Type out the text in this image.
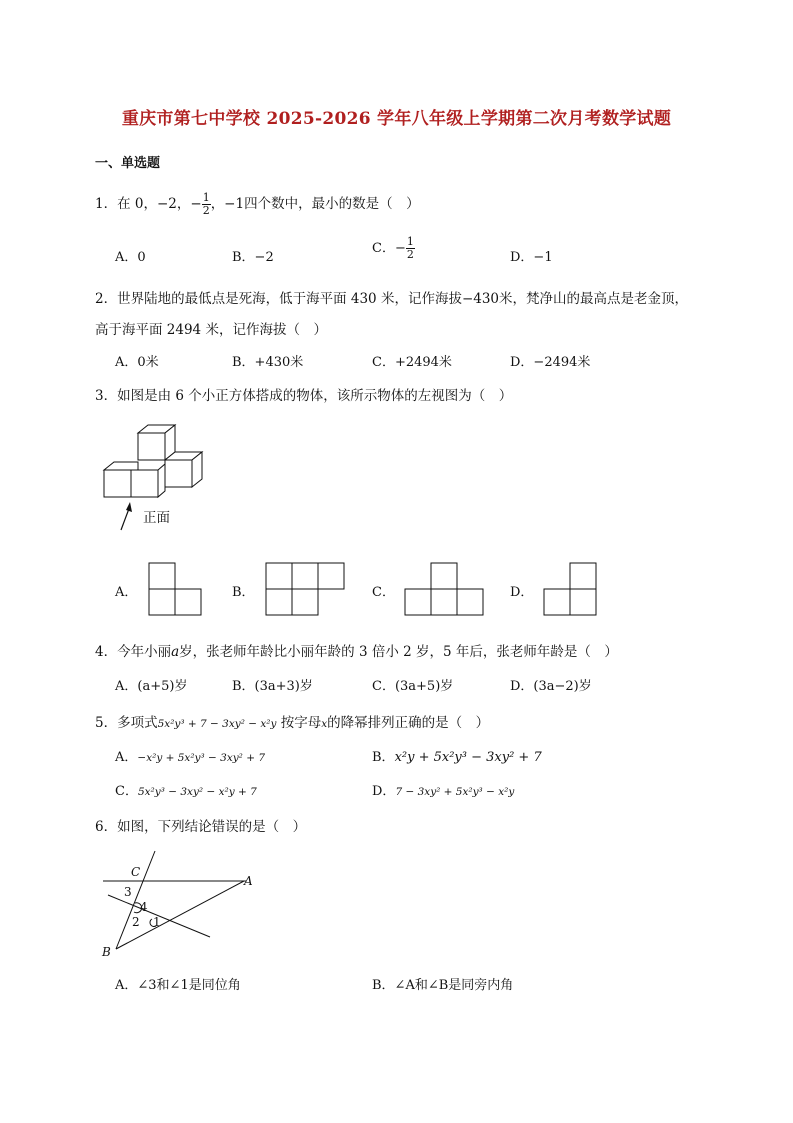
重庆市第七中学校 2025-2026 学年八年级上学期第二次月考数学试题
一、单选题
1．在 0，−2，− $\frac{1}{2}$ ，−1四个数中，最小的数是（　）
A．0	B．−2
C．− $\frac{1}{2}$	D．−1
2．世界陆地的最低点是死海，低于海平面 430 米，记作海拔−430米，梵净山的最高点是老金顶，
高于海平面 2494 米，记作海拔（　）
A．0米	B．+430米	C．+2494米	D．−2494米
3．如图是由 6 个小正方体搭成的物体，该所示物体的左视图为（　）
正面
A．	B．	C．	D．
4．今年小丽a岁，张老师年龄比小丽年龄的 3 倍小 2 岁，5 年后，张老师年龄是（　）
A．(a+5)岁	B．(3a+3)岁	C．(3a+5)岁	D．(3a−2)岁
5．多项式5x²y³ + 7 − 3xy² − x²y 按字母x的降幂排列正确的是（　）
A．−x²y + 5x²y³ − 3xy² + 7	B．x²y + 5x²y³ − 3xy² + 7
C．5x²y³ − 3xy² − x²y + 7	D．7 − 3xy² + 5x²y³ − x²y
6．如图，下列结论错误的是（　）
C
A
B
3
4
2 1
A．∠3和∠1是同位角	B．∠A和∠B是同旁内角
